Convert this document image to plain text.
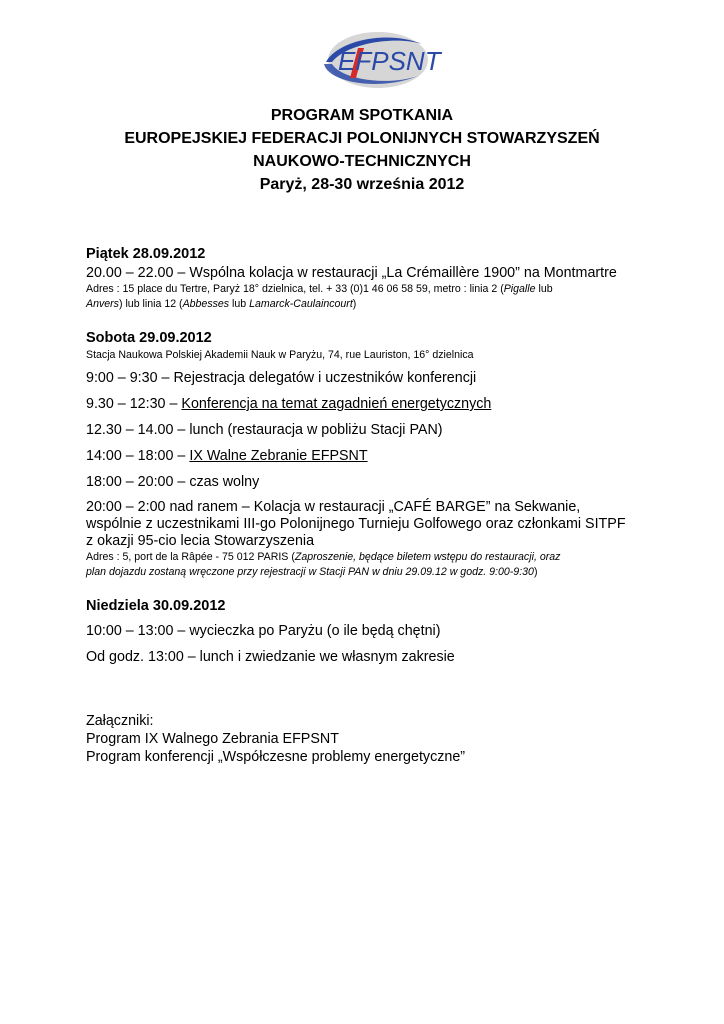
EFPSNT
PROGRAM SPOTKANIA
EUROPEJSKIEJ FEDERACJI POLONIJNYCH STOWARZYSZEŃ
NAUKOWO-TECHNICZNYCH
Paryż, 28-30 września 2012
Piątek 28.09.2012
20.00 – 22.00 – Wspólna kolacja w restauracji „La Crémaillère 1900” na Montmartre
Adres : 15 place du Tertre, Paryż 18° dzielnica, tel. + 33 (0)1 46 06 58 59, metro : linia 2 (Pigalle lub
Anvers) lub linia 12 (Abbesses lub Lamarck-Caulaincourt)
Sobota 29.09.2012
Stacja Naukowa Polskiej Akademii Nauk w Paryżu, 74, rue Lauriston, 16° dzielnica
9:00 – 9:30 – Rejestracja delegatów i uczestników konferencji
9.30 – 12:30 – Konferencja na temat zagadnień energetycznych
12.30 – 14.00 – lunch (restauracja w pobliżu Stacji PAN)
14:00 – 18:00 – IX Walne Zebranie EFPSNT
18:00 – 20:00 – czas wolny
20:00 – 2:00 nad ranem – Kolacja w restauracji „CAFÉ BARGE” na Sekwanie,
wspólnie z uczestnikami III-go Polonijnego Turnieju Golfowego oraz członkami SITPF
z okazji 95-cio lecia Stowarzyszenia
Adres : 5, port de la Râpée - 75 012 PARIS (Zaproszenie, będące biletem wstępu do restauracji, oraz
plan dojazdu zostaną wręczone przy rejestracji w Stacji PAN w dniu 29.09.12 w godz. 9:00-9:30)
Niedziela 30.09.2012
10:00 – 13:00 – wycieczka po Paryżu (o ile będą chętni)
Od godz. 13:00 – lunch i zwiedzanie we własnym zakresie
Załączniki:
Program IX Walnego Zebrania EFPSNT
Program konferencji „Współczesne problemy energetyczne”
